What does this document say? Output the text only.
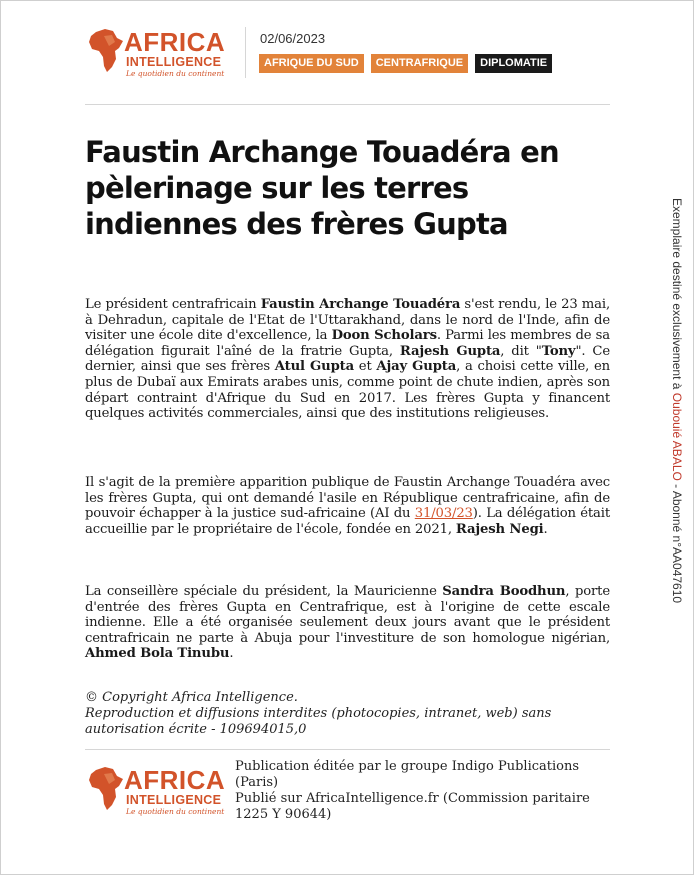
AFRICA
INTELLIGENCE
Le quotidien du continent
02/06/2023
AFRIQUE DU SUD	CENTRAFRIQUE	DIPLOMATIE
Faustin Archange Touadéra en pèlerinage sur les terres indiennes des frères Gupta

Le président centrafricain Faustin Archange Touadéra s'est rendu, le 23 mai, à Dehradun, capitale de l'Etat de l'Uttarakhand, dans le nord de l'Inde, afin de visiter une école dite d'excellence, la Doon Scholars. Parmi les membres de sa délégation figurait l'aîné de la fratrie Gupta, Rajesh Gupta, dit "Tony". Ce dernier, ainsi que ses frères Atul Gupta et Ajay Gupta, a choisi cette ville, en plus de Dubaï aux Emirats arabes unis, comme point de chute indien, après son départ contraint d'Afrique du Sud en 2017. Les frères Gupta y financent quelques activités commerciales, ainsi que des institutions religieuses.

Il s'agit de la première apparition publique de Faustin Archange Touadéra avec les frères Gupta, qui ont demandé l'asile en République centrafricaine, afin de pouvoir échapper à la justice sud-africaine (AI du 31/03/23). La délégation était accueillie par le propriétaire de l'école, fondée en 2021, Rajesh Negi.

La conseillère spéciale du président, la Mauricienne Sandra Boodhun, porte d'entrée des frères Gupta en Centrafrique, est à l'origine de cette escale indienne. Elle a été organisée seulement deux jours avant que le président centrafricain ne parte à Abuja pour l'investiture de son homologue nigérian, Ahmed Bola Tinubu.

© Copyright Africa Intelligence.
Reproduction et diffusions interdites (photocopies, intranet, web) sans autorisation écrite - 109694015,0
AFRICA
INTELLIGENCE
Le quotidien du continent
Publication éditée par le groupe Indigo Publications (Paris)
Publié sur AfricaIntelligence.fr (Commission paritaire 1225 Y 90644)
Exemplaire destiné exclusivement à Oubouié ABALO - Abonné n°AA047610
